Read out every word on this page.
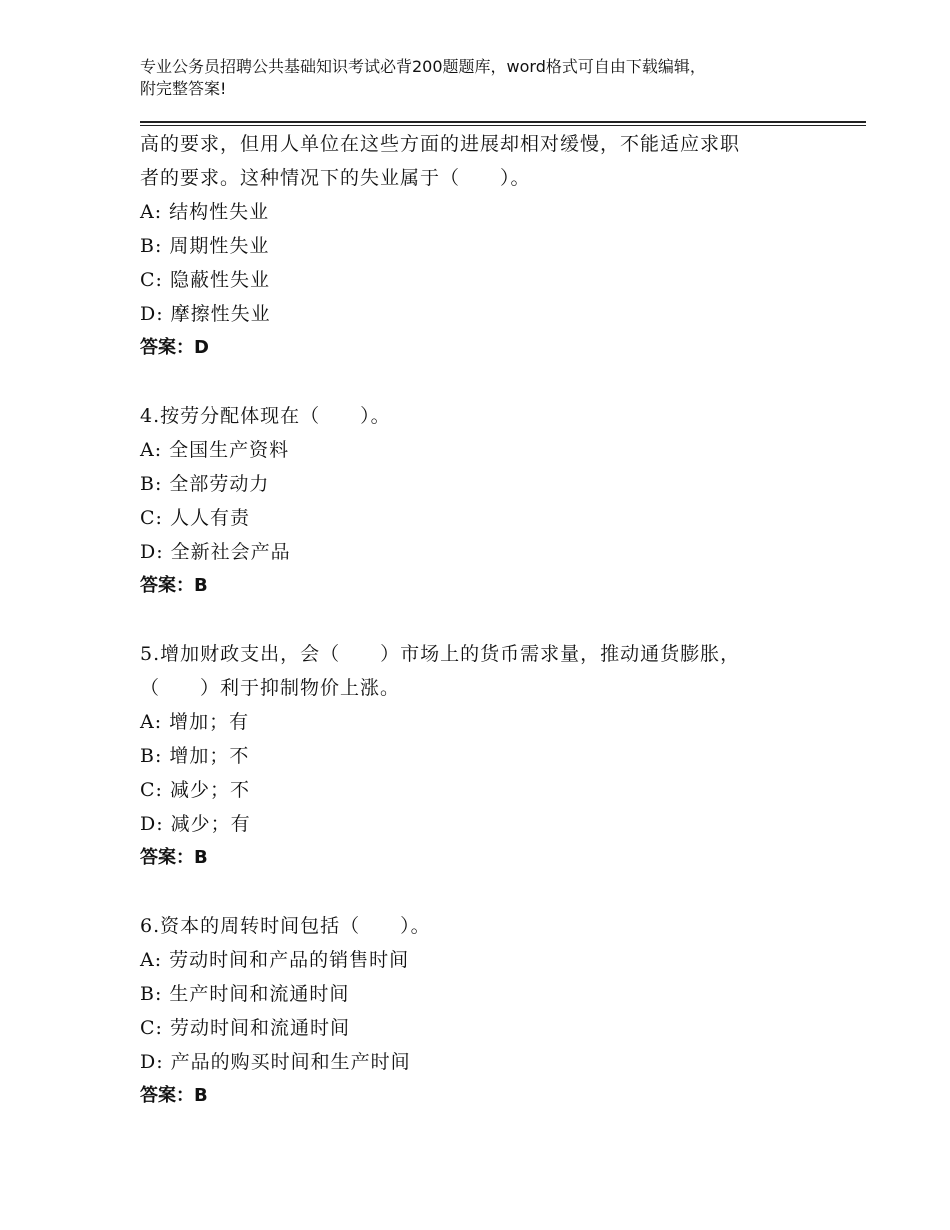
专业公务员招聘公共基础知识考试必背200题题库，word格式可自由下载编辑，
附完整答案!
高的要求，但用人单位在这些方面的进展却相对缓慢，不能适应求职
者的要求。这种情况下的失业属于（　　）。
A: 结构性失业
B: 周期性失业
C: 隐蔽性失业
D: 摩擦性失业
答案：D
4.按劳分配体现在（　　）。
A: 全国生产资料
B: 全部劳动力
C: 人人有责
D: 全新社会产品
答案：B
5.增加财政支出，会（　　）市场上的货币需求量，推动通货膨胀，
（　　）利于抑制物价上涨。
A: 增加；有
B: 增加；不
C: 减少；不
D: 减少；有
答案：B
6.资本的周转时间包括（　　）。
A: 劳动时间和产品的销售时间
B: 生产时间和流通时间
C: 劳动时间和流通时间
D: 产品的购买时间和生产时间
答案：B
